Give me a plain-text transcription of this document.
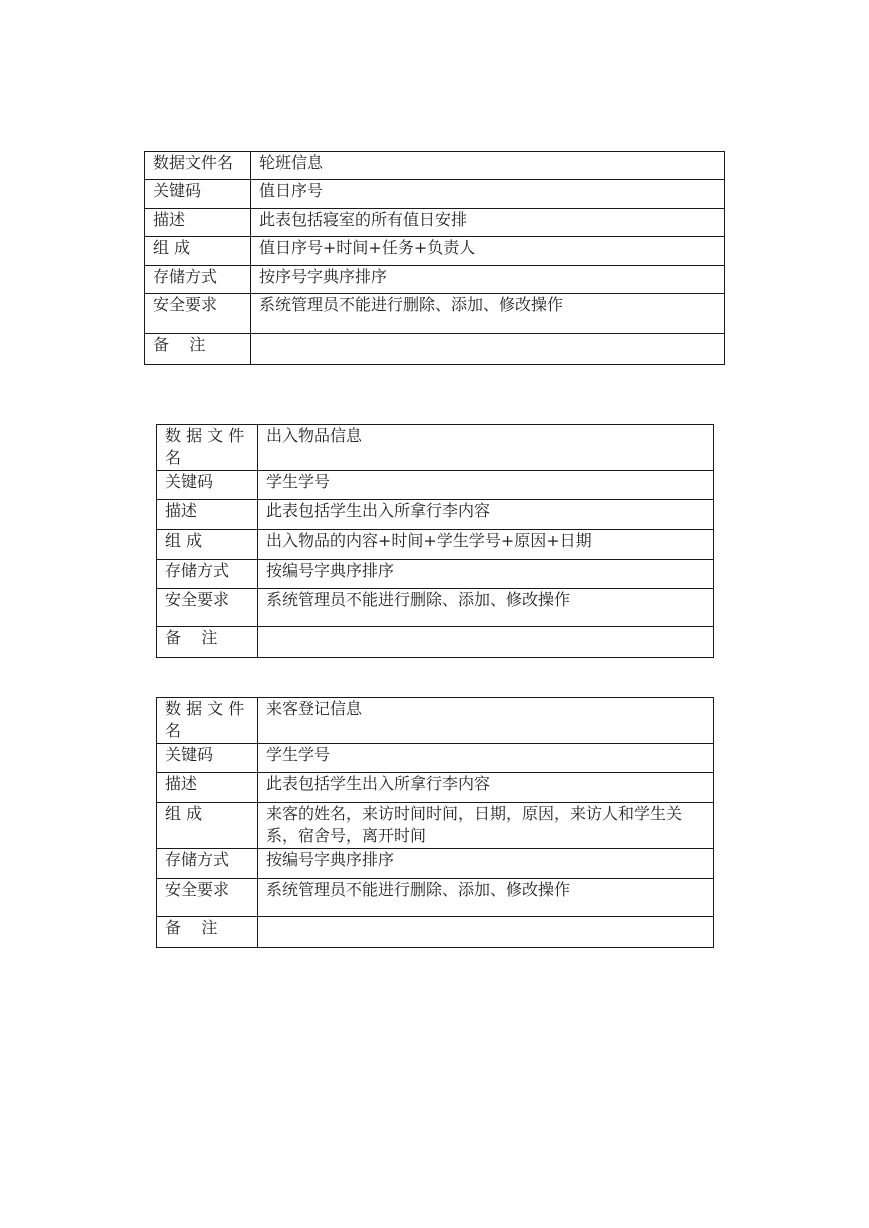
数据文件名	轮班信息
关键码	值日序号
描述	此表包括寝室的所有值日安排
组 成	值日序号+时间+任务+负责人
存储方式	按序号字典序排序
安全要求	系统管理员不能进行删除、添加、修改操作
备    注	
数 据 文 件 名	出入物品信息
关键码	学生学号
描述	此表包括学生出入所拿行李内容
组 成	出入物品的内容+时间+学生学号+原因+日期
存储方式	按编号字典序排序
安全要求	系统管理员不能进行删除、添加、修改操作
备    注	
数 据 文 件 名	来客登记信息
关键码	学生学号
描述	此表包括学生出入所拿行李内容
组 成	来客的姓名，来访时间时间，日期，原因，来访人和学生关系，宿舍号，离开时间
存储方式	按编号字典序排序
安全要求	系统管理员不能进行删除、添加、修改操作
备    注	
